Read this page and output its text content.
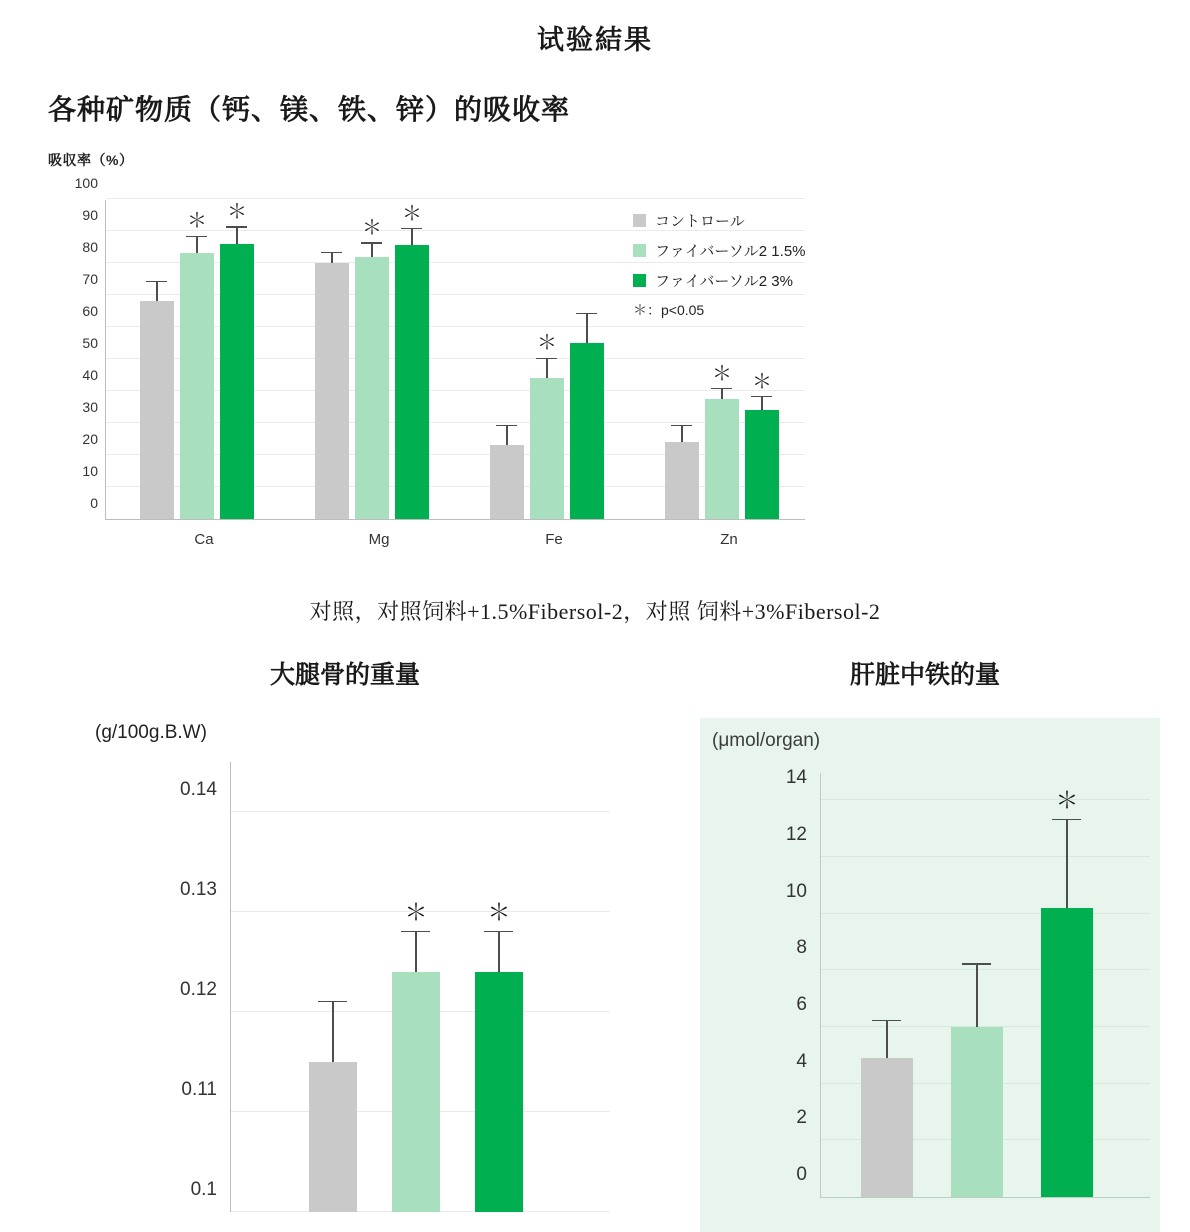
试验結果
各种矿物质（钙、镁、铁、锌）的吸收率
吸収率（%）
100
90
80
70
60
50
40
30
20
10
0
＊ ＊
Ca
＊
＊
Mg
＊
Fe
＊ ＊
Zn
コントロール
ファイバーソル2 1.5%
ファイバーソル2 3%
＊：p<0.05
对照，对照饲料+1.5%Fibersol-2，对照 饲料+3%Fibersol-2
大腿骨的重量	肝脏中铁的量
(g/100g.B.W)
0.14
0.13
0.12
0.11
0.1
＊	＊
(μmol/organ)
14
12
10
8
6
4
2
0
＊
